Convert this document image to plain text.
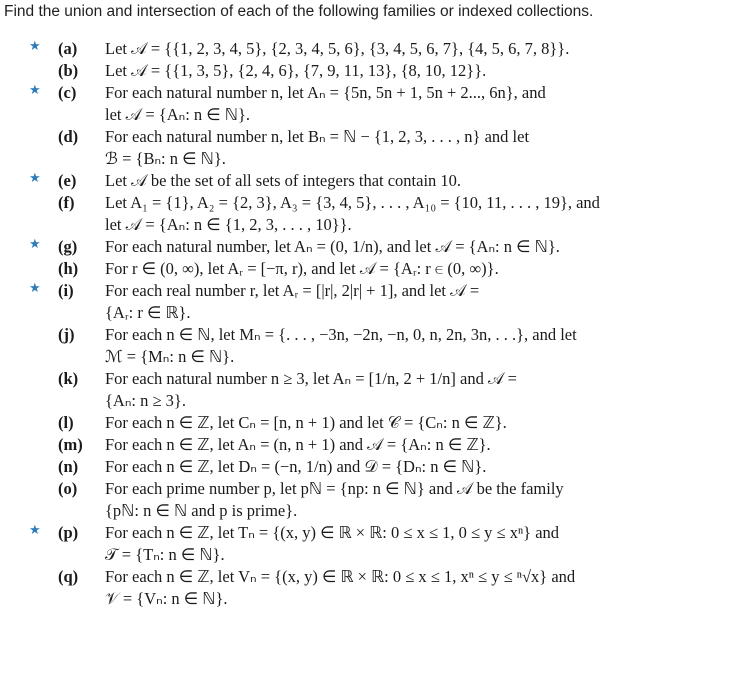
Find the union and intersection of each of the following families or indexed collections.
★ (a) Let 𝒜 = {{1, 2, 3, 4, 5}, {2, 3, 4, 5, 6}, {3, 4, 5, 6, 7}, {4, 5, 6, 7, 8}}.
(b) Let 𝒜 = {{1, 3, 5}, {2, 4, 6}, {7, 9, 11, 13}, {8, 10, 12}}.
★ (c) For each natural number n, let Aₙ = {5n, 5n + 1, 5n + 2..., 6n}, and
let 𝒜 = {Aₙ: n ∈ ℕ}.
(d) For each natural number n, let Bₙ = ℕ − {1, 2, 3, . . . , n} and let
ℬ = {Bₙ: n ∈ ℕ}.
★ (e) Let 𝒜 be the set of all sets of integers that contain 10.
(f) Let A₁ = {1}, A₂ = {2, 3}, A₃ = {3, 4, 5}, . . . , A₁₀ = {10, 11, . . . , 19}, and
let 𝒜 = {Aₙ: n ∈ {1, 2, 3, . . . , 10}}.
★ (g) For each natural number, let Aₙ = (0, 1/n), and let 𝒜 = {Aₙ: n ∈ ℕ}.
(h) For r ∈ (0, ∞), let Aᵣ = [−π, r), and let 𝒜 = {Aᵣ: r ∈ (0, ∞)}.
★ (i) For each real number r, let Aᵣ = [|r|, 2|r| + 1], and let 𝒜 =
{Aᵣ: r ∈ ℝ}.
(j) For each n ∈ ℕ, let Mₙ = {. . . , −3n, −2n, −n, 0, n, 2n, 3n, . . .}, and let
ℳ = {Mₙ: n ∈ ℕ}.
(k) For each natural number n ≥ 3, let Aₙ = [1/n, 2 + 1/n] and 𝒜 =
{Aₙ: n ≥ 3}.
(l) For each n ∈ ℤ, let Cₙ = [n, n + 1) and let 𝒞 = {Cₙ: n ∈ ℤ}.
(m) For each n ∈ ℤ, let Aₙ = (n, n + 1) and 𝒜 = {Aₙ: n ∈ ℤ}.
(n) For each n ∈ ℤ, let Dₙ = (−n, 1/n) and 𝒟 = {Dₙ: n ∈ ℕ}.
(o) For each prime number p, let pℕ = {np: n ∈ ℕ} and 𝒜 be the family
{pℕ: n ∈ ℕ and p is prime}.
★ (p) For each n ∈ ℤ, let Tₙ = {(x, y) ∈ ℝ × ℝ: 0 ≤ x ≤ 1, 0 ≤ y ≤ xⁿ} and
𝒯 = {Tₙ: n ∈ ℕ}.
(q) For each n ∈ ℤ, let Vₙ = {(x, y) ∈ ℝ × ℝ: 0 ≤ x ≤ 1, xⁿ ≤ y ≤ ⁿ√x} and
𝒱 = {Vₙ: n ∈ ℕ}.
